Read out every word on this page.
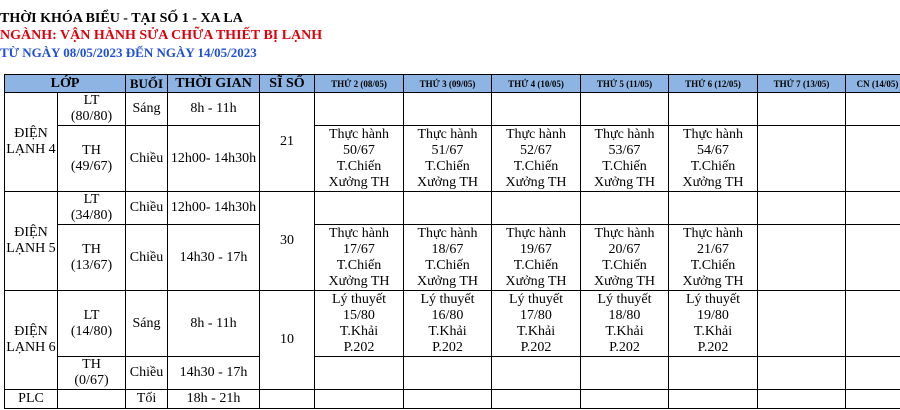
THỜI KHÓA BIỂU - TẠI SỐ 1 - XA LA
NGÀNH: VẬN HÀNH SỬA CHỮA THIẾT BỊ LẠNH
TỪ NGÀY 08/05/2023 ĐẾN NGÀY 14/05/2023
LỚP		BUỔI	THỜI GIAN	SĨ SỐ	THỨ 2 (08/05)	THỨ 3 (09/05)	THỨ 4 (10/05)	THỨ 5 (11/05)	THỨ 6 (12/05)	THỨ 7 (13/05)	CN (14/05)
ĐIỆN
LẠNH 4	LT
(80/80)	Sáng	8h - 11h	21							
	TH
(49/67)	Chiều	12h00- 14h30h		Thực hành
50/67
T.Chiến
Xưởng TH	Thực hành
51/67
T.Chiến
Xưởng TH	Thực hành
52/67
T.Chiến
Xưởng TH	Thực hành
53/67
T.Chiến
Xưởng TH	Thực hành
54/67
T.Chiến
Xưởng TH		
ĐIỆN
LẠNH 5	LT
(34/80)	Chiều	12h00- 14h30h	30							
	TH
(13/67)	Chiều	14h30 - 17h		Thực hành
17/67
T.Chiến
Xưởng TH	Thực hành
18/67
T.Chiến
Xưởng TH	Thực hành
19/67
T.Chiến
Xưởng TH	Thực hành
20/67
T.Chiến
Xưởng TH	Thực hành
21/67
T.Chiến
Xưởng TH		
ĐIỆN
LẠNH 6	LT
(14/80)	Sáng	8h - 11h	10	Lý thuyết
15/80
T.Khải
P.202	Lý thuyết
16/80
T.Khải
P.202	Lý thuyết
17/80
T.Khải
P.202	Lý thuyết
18/80
T.Khải
P.202	Lý thuyết
19/80
T.Khải
P.202		
	TH
(0/67)	Chiều	14h30 - 17h								
PLC		Tối	18h - 21h								
